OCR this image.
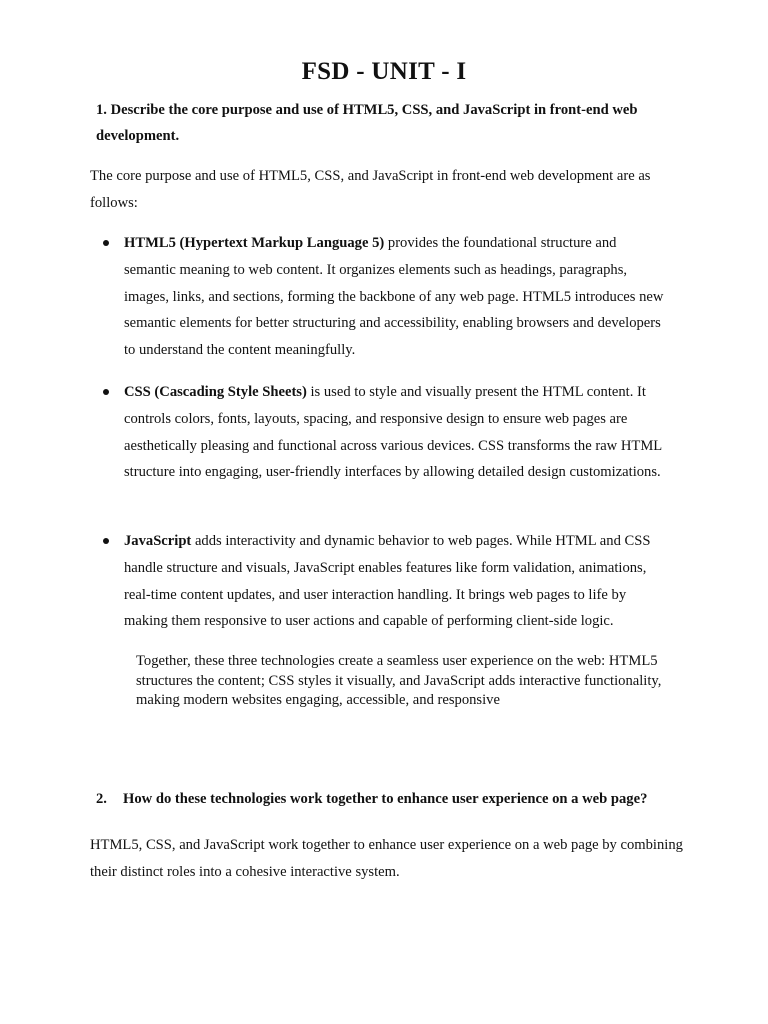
FSD - UNIT - I
1. Describe the core purpose and use of HTML5, CSS, and JavaScript in front-end web development.
The core purpose and use of HTML5, CSS, and JavaScript in front-end web development are as follows:
HTML5 (Hypertext Markup Language 5) provides the foundational structure and semantic meaning to web content. It organizes elements such as headings, paragraphs, images, links, and sections, forming the backbone of any web page. HTML5 introduces new semantic elements for better structuring and accessibility, enabling browsers and developers to understand the content meaningfully.
CSS (Cascading Style Sheets) is used to style and visually present the HTML content. It controls colors, fonts, layouts, spacing, and responsive design to ensure web pages are aesthetically pleasing and functional across various devices. CSS transforms the raw HTML structure into engaging, user-friendly interfaces by allowing detailed design customizations.
JavaScript adds interactivity and dynamic behavior to web pages. While HTML and CSS handle structure and visuals, JavaScript enables features like form validation, animations, real-time content updates, and user interaction handling. It brings web pages to life by making them responsive to user actions and capable of performing client-side logic.
Together, these three technologies create a seamless user experience on the web: HTML5 structures the content; CSS styles it visually, and JavaScript adds interactive functionality, making modern websites engaging, accessible, and responsive
2. How do these technologies work together to enhance user experience on a web page?
HTML5, CSS, and JavaScript work together to enhance user experience on a web page by combining their distinct roles into a cohesive interactive system.
